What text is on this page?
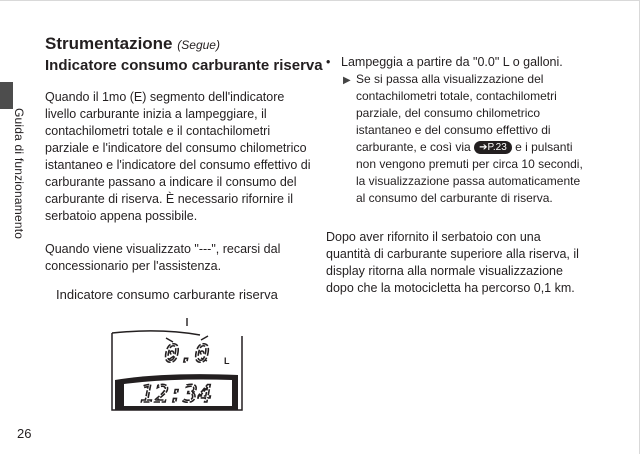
Guida di funzionamento
Strumentazione (Segue)
Indicatore consumo carburante riserva

Quando il 1mo (E) segmento dell'indicatore livello carburante inizia a lampeggiare, il contachilometri totale e il contachilometri parziale e l'indicatore del consumo chilometrico istantaneo e l'indicatore del consumo effettivo di carburante passano a indicare il consumo del carburante di riserva. È necessario rifornire il serbatoio appena possibile.

Quando viene visualizzato "---", recarsi dal concessionario per l'assistenza.

Indicatore consumo carburante riserva
0.0 L
12:34
• Lampeggia a partire da "0.0" L o galloni.
▶ Se si passa alla visualizzazione del contachilometri totale, contachilometri parziale, del consumo chilometrico istantaneo e del consumo effettivo di carburante, e così via ➔P.23 e i pulsanti non vengono premuti per circa 10 secondi, la visualizzazione passa automaticamente al consumo del carburante di riserva.

Dopo aver rifornito il serbatoio con una quantità di carburante superiore alla riserva, il display ritorna alla normale visualizzazione dopo che la motocicletta ha percorso 0,1 km.

26
